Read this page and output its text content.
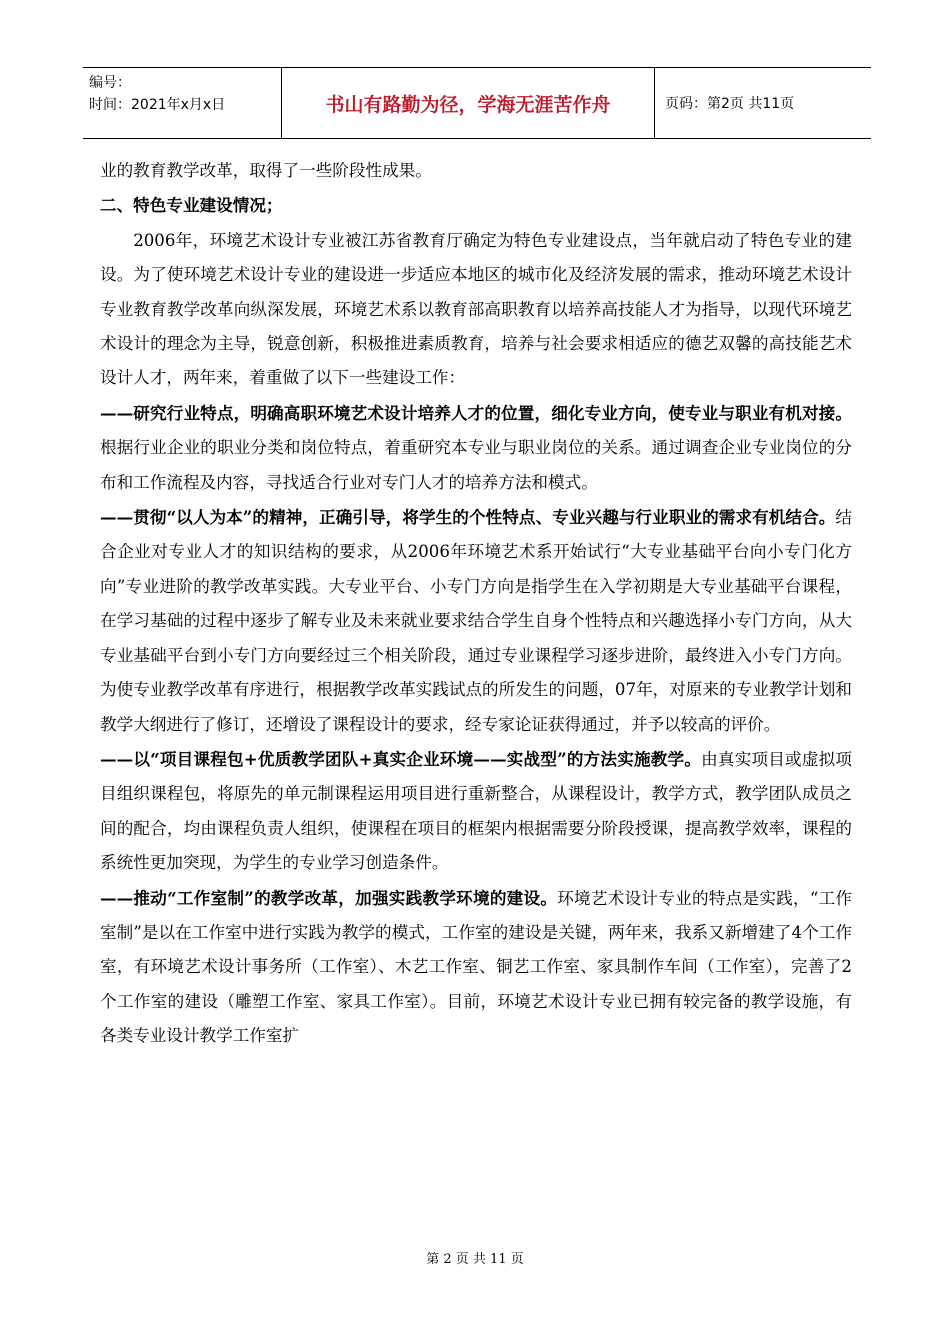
编号：
时间：2021年x月x日	书山有路勤为径，学海无涯苦作舟	页码：第2页 共11页

业的教育教学改革，取得了一些阶段性成果。

二、特色专业建设情况；

2006年，环境艺术设计专业被江苏省教育厅确定为特色专业建设点，当年就启动了特色专业的建设。为了使环境艺术设计专业的建设进一步适应本地区的城市化及经济发展的需求，推动环境艺术设计专业教育教学改革向纵深发展，环境艺术系以教育部高职教育以培养高技能人才为指导，以现代环境艺术设计的理念为主导，锐意创新，积极推进素质教育，培养与社会要求相适应的德艺双馨的高技能艺术设计人才，两年来，着重做了以下一些建设工作：

——研究行业特点，明确高职环境艺术设计培养人才的位置，细化专业方向，使专业与职业有机对接。根据行业企业的职业分类和岗位特点，着重研究本专业与职业岗位的关系。通过调查企业专业岗位的分布和工作流程及内容，寻找适合行业对专门人才的培养方法和模式。

——贯彻“以人为本”的精神，正确引导，将学生的个性特点、专业兴趣与行业职业的需求有机结合。结合企业对专业人才的知识结构的要求，从2006年环境艺术系开始试行“大专业基础平台向小专门化方向”专业进阶的教学改革实践。大专业平台、小专门方向是指学生在入学初期是大专业基础平台课程，在学习基础的过程中逐步了解专业及未来就业要求结合学生自身个性特点和兴趣选择小专门方向，从大专业基础平台到小专门方向要经过三个相关阶段，通过专业课程学习逐步进阶，最终进入小专门方向。为使专业教学改革有序进行，根据教学改革实践试点的所发生的问题，07年，对原来的专业教学计划和教学大纲进行了修订，还增设了课程设计的要求，经专家论证获得通过，并予以较高的评价。

——以“项目课程包+优质教学团队+真实企业环境——实战型”的方法实施教学。由真实项目或虚拟项目组织课程包，将原先的单元制课程运用项目进行重新整合，从课程设计，教学方式，教学团队成员之间的配合，均由课程负责人组织，使课程在项目的框架内根据需要分阶段授课，提高教学效率，课程的系统性更加突现，为学生的专业学习创造条件。

——推动“工作室制”的教学改革，加强实践教学环境的建设。环境艺术设计专业的特点是实践，“工作室制”是以在工作室中进行实践为教学的模式，工作室的建设是关键，两年来，我系又新增建了4个工作室，有环境艺术设计事务所（工作室）、木艺工作室、铜艺工作室、家具制作车间（工作室），完善了2个工作室的建设（雕塑工作室、家具工作室）。目前，环境艺术设计专业已拥有较完备的教学设施，有各类专业设计教学工作室扩

第 2 页 共 11 页
